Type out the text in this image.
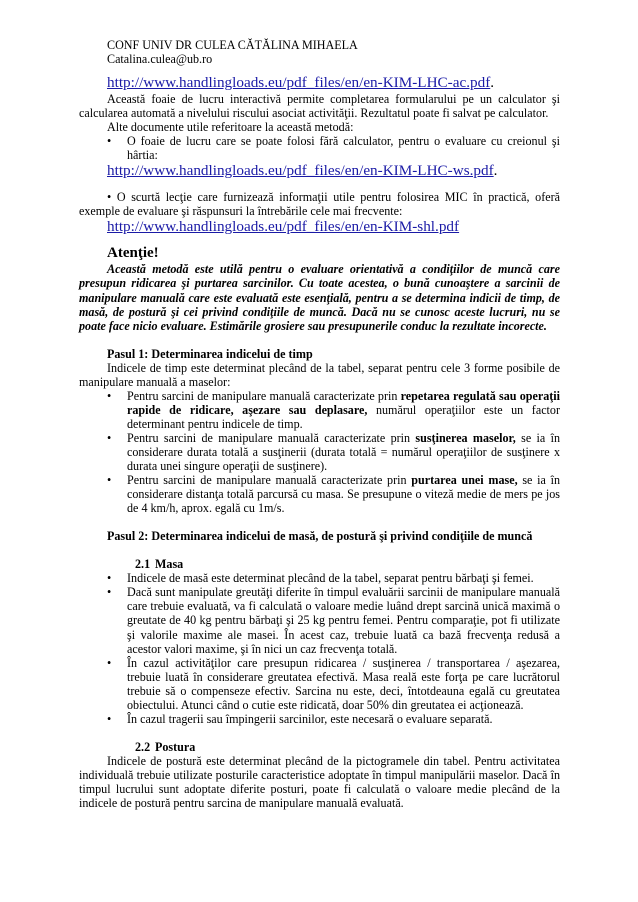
CONF UNIV DR CULEA CĂTĂLINA MIHAELA

Catalina.culea@ub.ro

http://www.handlingloads.eu/pdf_files/en/en-KIM-LHC-ac.pdf.

Această foaie de lucru interactivă permite completarea formularului pe un calculator şi calcularea automată a nivelului riscului asociat activităţii. Rezultatul poate fi salvat pe calculator.

Alte documente utile referitoare la această metodă:

• O foaie de lucru care se poate folosi fără calculator, pentru o evaluare cu creionul şi hârtia:

http://www.handlingloads.eu/pdf_files/en/en-KIM-LHC-ws.pdf.

• O scurtă lecţie care furnizează informaţii utile pentru folosirea MIC în practică, oferă exemple de evaluare şi răspunsuri la întrebările cele mai frecvente:

http://www.handlingloads.eu/pdf_files/en/en-KIM-shl.pdf

Atenţie!

Această metodă este utilă pentru o evaluare orientativă a condiţiilor de muncă care presupun ridicarea şi purtarea sarcinilor. Cu toate acestea, o bună cunoaştere a sarcinii de manipulare manuală care este evaluată este esenţială, pentru a se determina indicii de timp, de masă, de postură şi cei privind condiţiile de muncă. Dacă nu se cunosc aceste lucruri, nu se poate face nicio evaluare. Estimările grosiere sau presupunerile conduc la rezultate incorecte.

Pasul 1: Determinarea indicelui de timp

Indicele de timp este determinat plecând de la tabel, separat pentru cele 3 forme posibile de manipulare manuală a maselor:

• Pentru sarcini de manipulare manuală caracterizate prin repetarea regulată sau operaţii rapide de ridicare, aşezare sau deplasare, numărul operaţiilor este un factor determinant pentru indicele de timp.
• Pentru sarcini de manipulare manuală caracterizate prin susţinerea maselor, se ia în considerare durata totală a susţinerii (durata totală = numărul operaţiilor de susţinere x durata unei singure operaţii de susţinere).
• Pentru sarcini de manipulare manuală caracterizate prin purtarea unei mase, se ia în considerare distanţa totală parcursă cu masa. Se presupune o viteză medie de mers pe jos de 4 km/h, aprox. egală cu 1m/s.

Pasul 2: Determinarea indicelui de masă, de postură şi privind condiţiile de muncă

2.1 Masa

• Indicele de masă este determinat plecând de la tabel, separat pentru bărbaţi şi femei.
• Dacă sunt manipulate greutăţi diferite în timpul evaluării sarcinii de manipulare manuală care trebuie evaluată, va fi calculată o valoare medie luând drept sarcină unică maximă o greutate de 40 kg pentru bărbaţi şi 25 kg pentru femei. Pentru comparaţie, pot fi utilizate şi valorile maxime ale masei. În acest caz, trebuie luată ca bază frecvenţa redusă a acestor valori maxime, şi în nici un caz frecvenţa totală.
• În cazul activităţilor care presupun ridicarea / susţinerea / transportarea / aşezarea, trebuie luată în considerare greutatea efectivă. Masa reală este forţa pe care lucrătorul trebuie să o compenseze efectiv. Sarcina nu este, deci, întotdeauna egală cu greutatea obiectului. Atunci când o cutie este ridicată, doar 50% din greutatea ei acţionează.
• În cazul tragerii sau împingerii sarcinilor, este necesară o evaluare separată.

2.2 Postura

Indicele de postură este determinat plecând de la pictogramele din tabel. Pentru activitatea individuală trebuie utilizate posturile caracteristice adoptate în timpul manipulării maselor. Dacă în timpul lucrului sunt adoptate diferite posturi, poate fi calculată o valoare medie plecând de la indicele de postură pentru sarcina de manipulare manuală evaluată.
